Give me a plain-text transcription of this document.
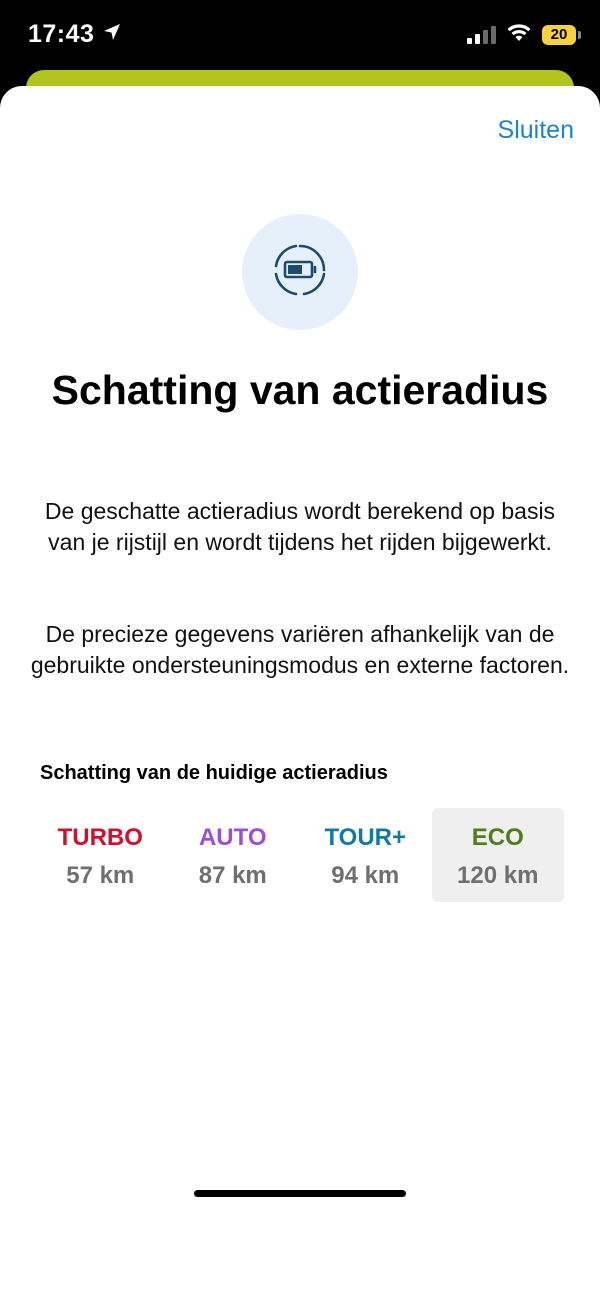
17:43	20
Sluiten
Schatting van actieradius

De geschatte actieradius wordt berekend op basis van je rijstijl en wordt tijdens het rijden bijgewerkt.

De precieze gegevens variëren afhankelijk van de gebruikte ondersteuningsmodus en externe factoren.

Schatting van de huidige actieradius
TURBO
57 km
AUTO
87 km
TOUR+
94 km
ECO
120 km
